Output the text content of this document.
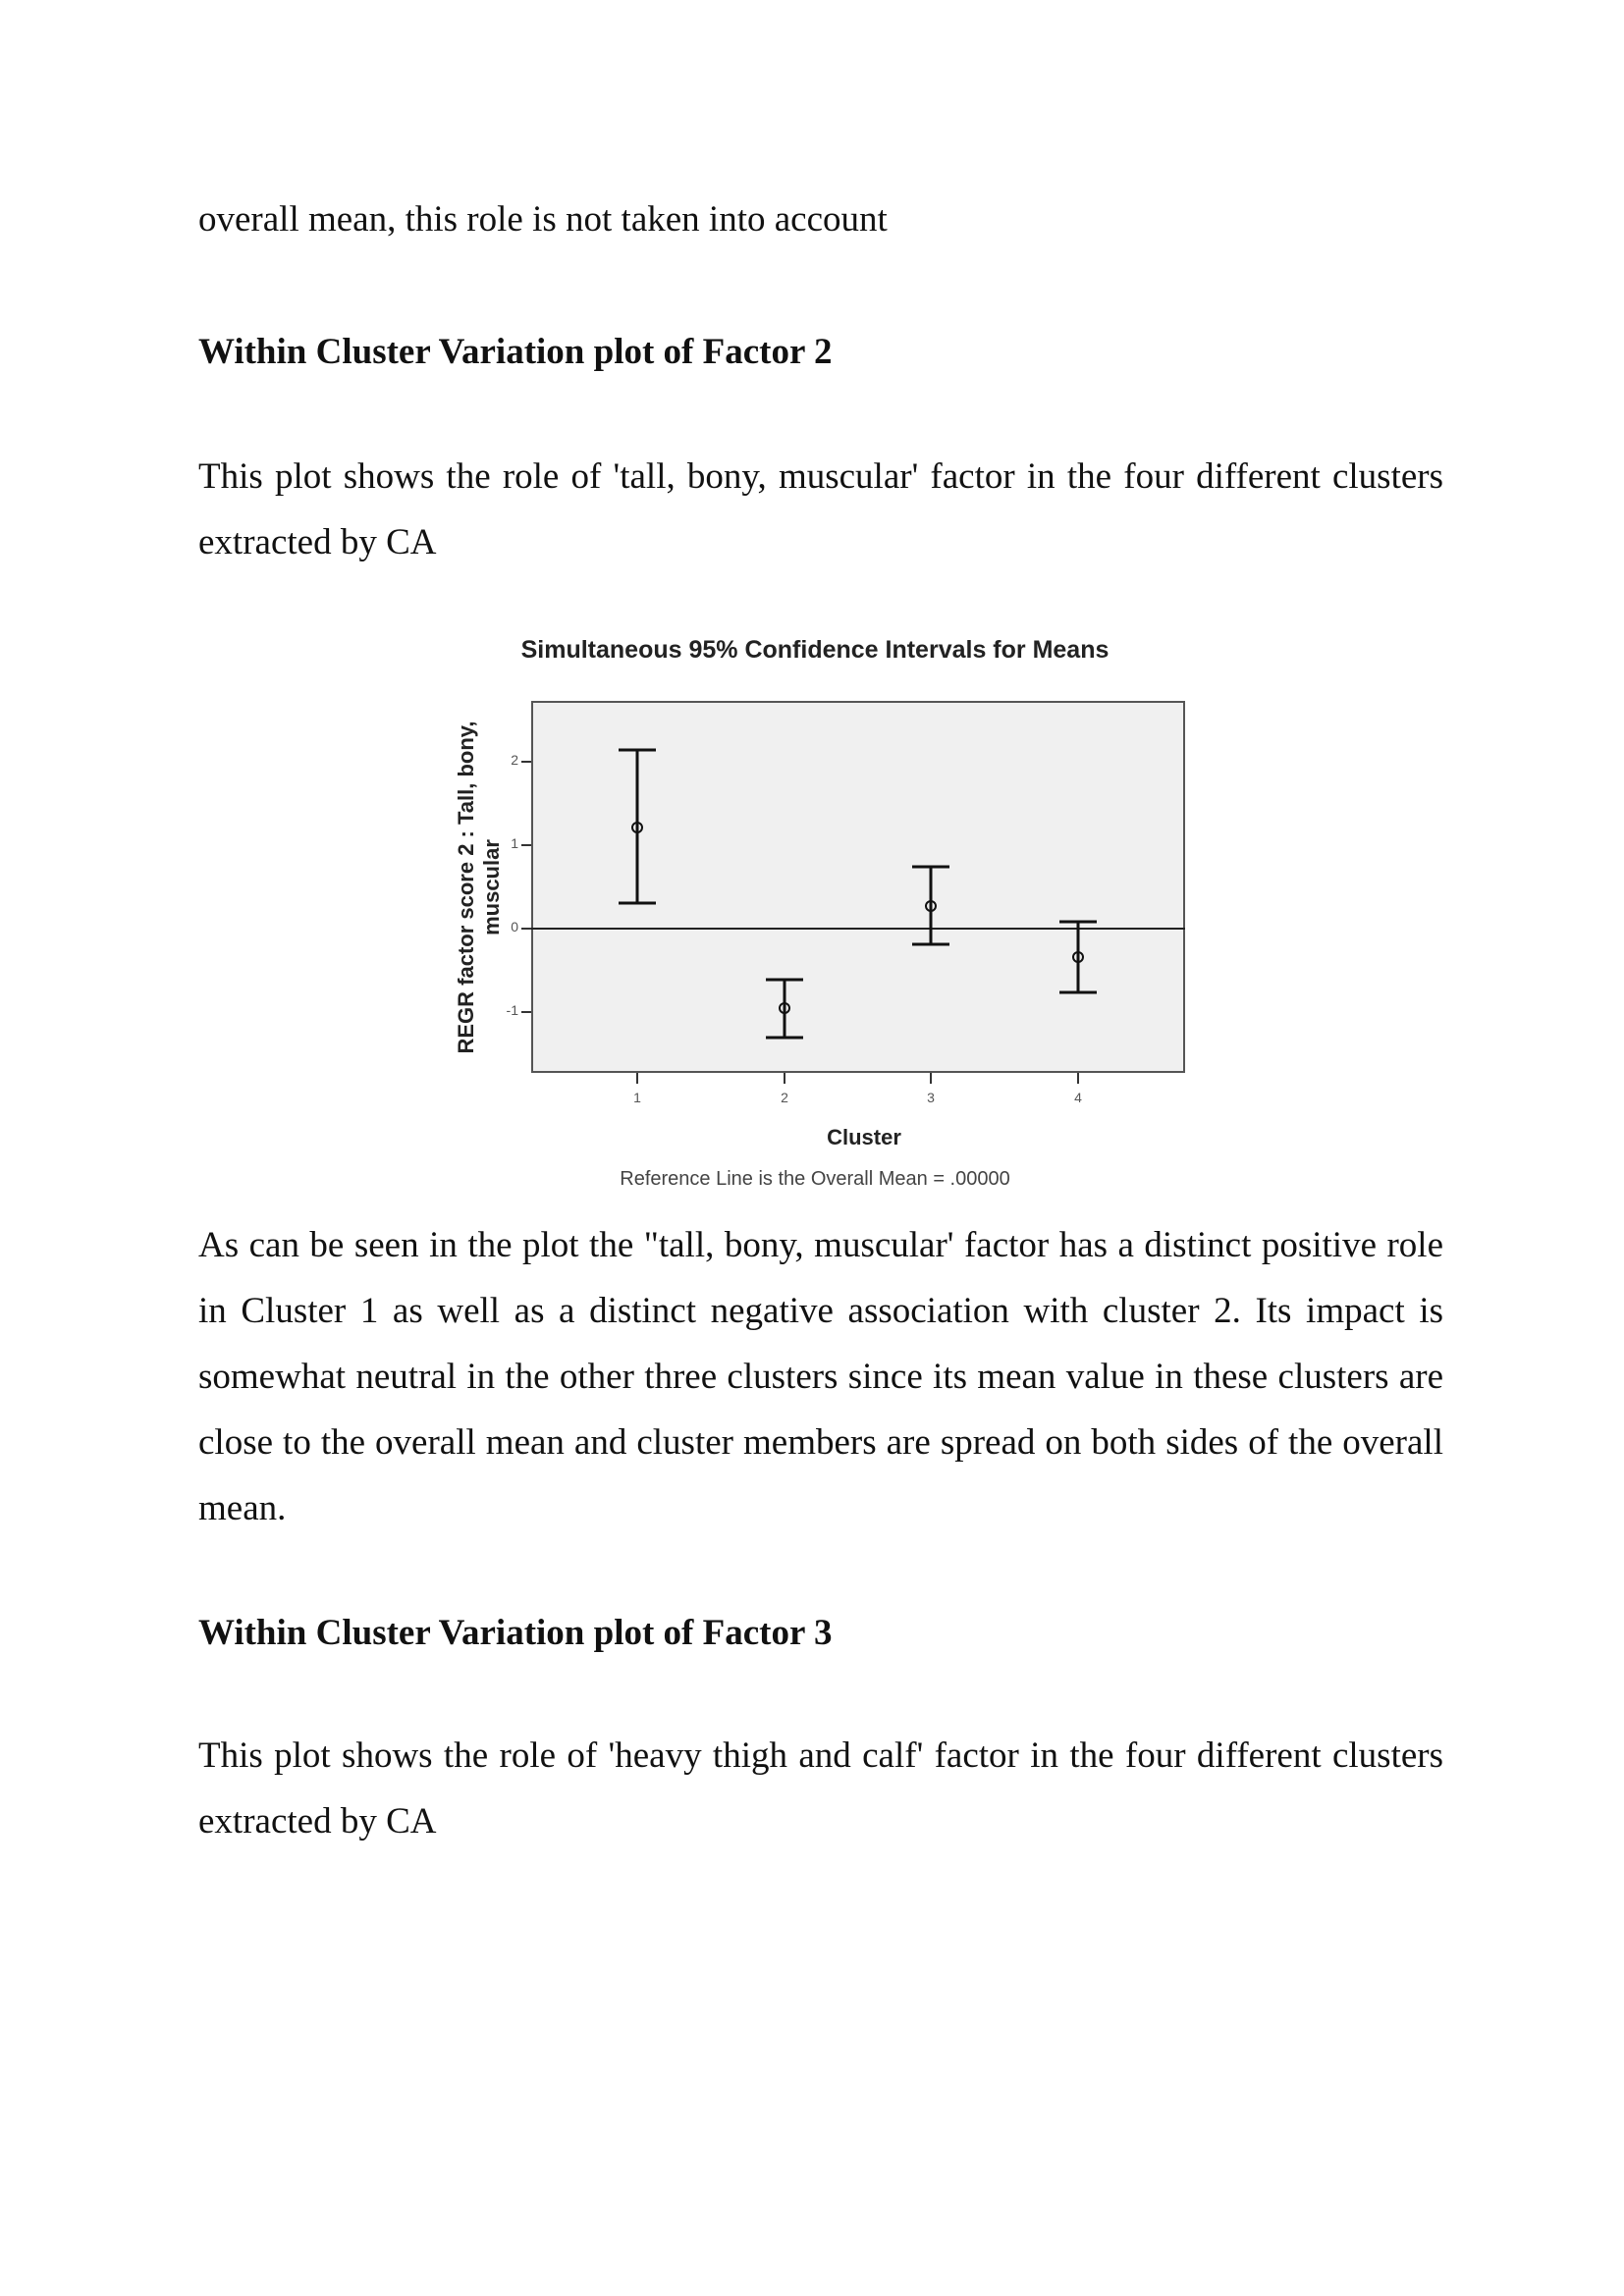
overall mean, this role is not taken into account

Within Cluster Variation plot of Factor 2

This plot shows the role of 'tall, bony, muscular' factor in the four different clusters extracted by CA

Simultaneous 95% Confidence Intervals for Means
REGR factor score 2 : Tall, bony, muscular
2
1
0
-1
1	2	3	4
Cluster
Reference Line is the Overall Mean = .00000

As can be seen in the plot the "tall, bony, muscular' factor has a distinct positive role in Cluster 1 as well as a distinct negative association with cluster 2. Its impact is somewhat neutral in the other three clusters since its mean value in these clusters are close to the overall mean and cluster members are spread on both sides of the overall mean.

Within Cluster Variation plot of Factor 3

This plot shows the role of 'heavy thigh and calf' factor in the four different clusters extracted by CA
